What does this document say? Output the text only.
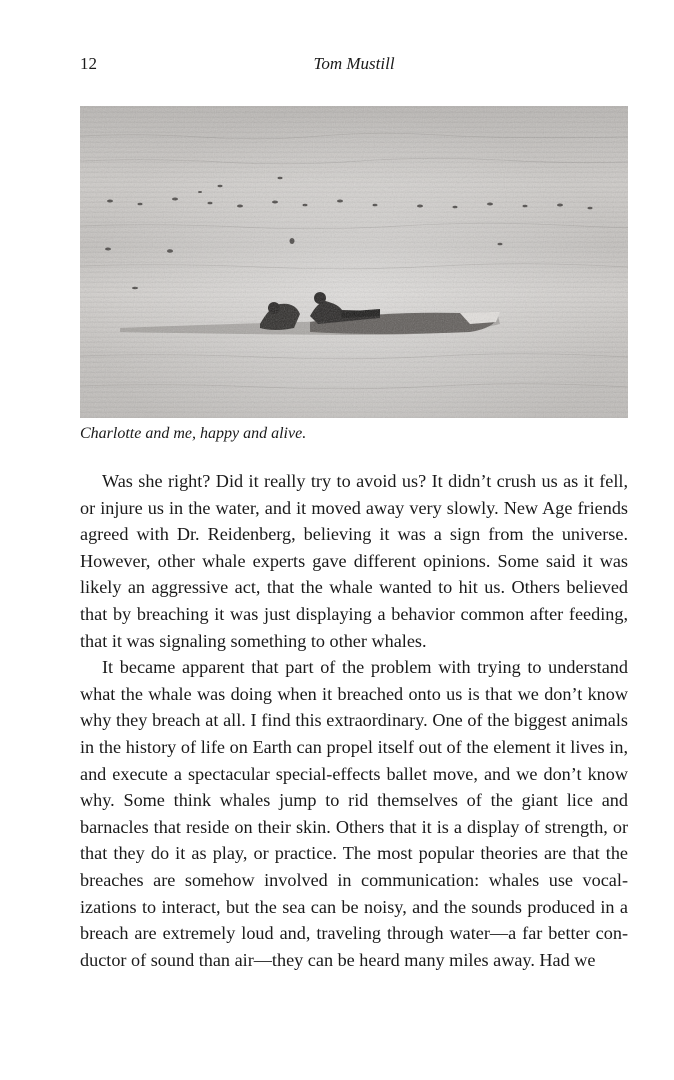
12	Tom Mustill
Charlotte and me, happy and alive.

Was she right? Did it really try to avoid us? It didn’t crush us as it fell, or injure us in the water, and it moved away very slowly. New Age friends agreed with Dr. Reidenberg, believing it was a sign from the universe. However, other whale experts gave different opinions. Some said it was likely an aggressive act, that the whale wanted to hit us. Others believed that by breaching it was just displaying a behavior common after feeding, that it was signaling something to other whales.

It became apparent that part of the problem with trying to understand what the whale was doing when it breached onto us is that we don’t know why they breach at all. I find this extraordinary. One of the biggest animals in the history of life on Earth can propel itself out of the element it lives in, and execute a spectacular special-effects ballet move, and we don’t know why. Some think whales jump to rid themselves of the giant lice and barnacles that reside on their skin. Others that it is a display of strength, or that they do it as play, or practice. The most popular theories are that the breaches are somehow involved in communication: whales use vocalizations to interact, but the sea can be noisy, and the sounds produced in a breach are extremely loud and, traveling through water—a far better conductor of sound than air—they can be heard many miles away. Had we
